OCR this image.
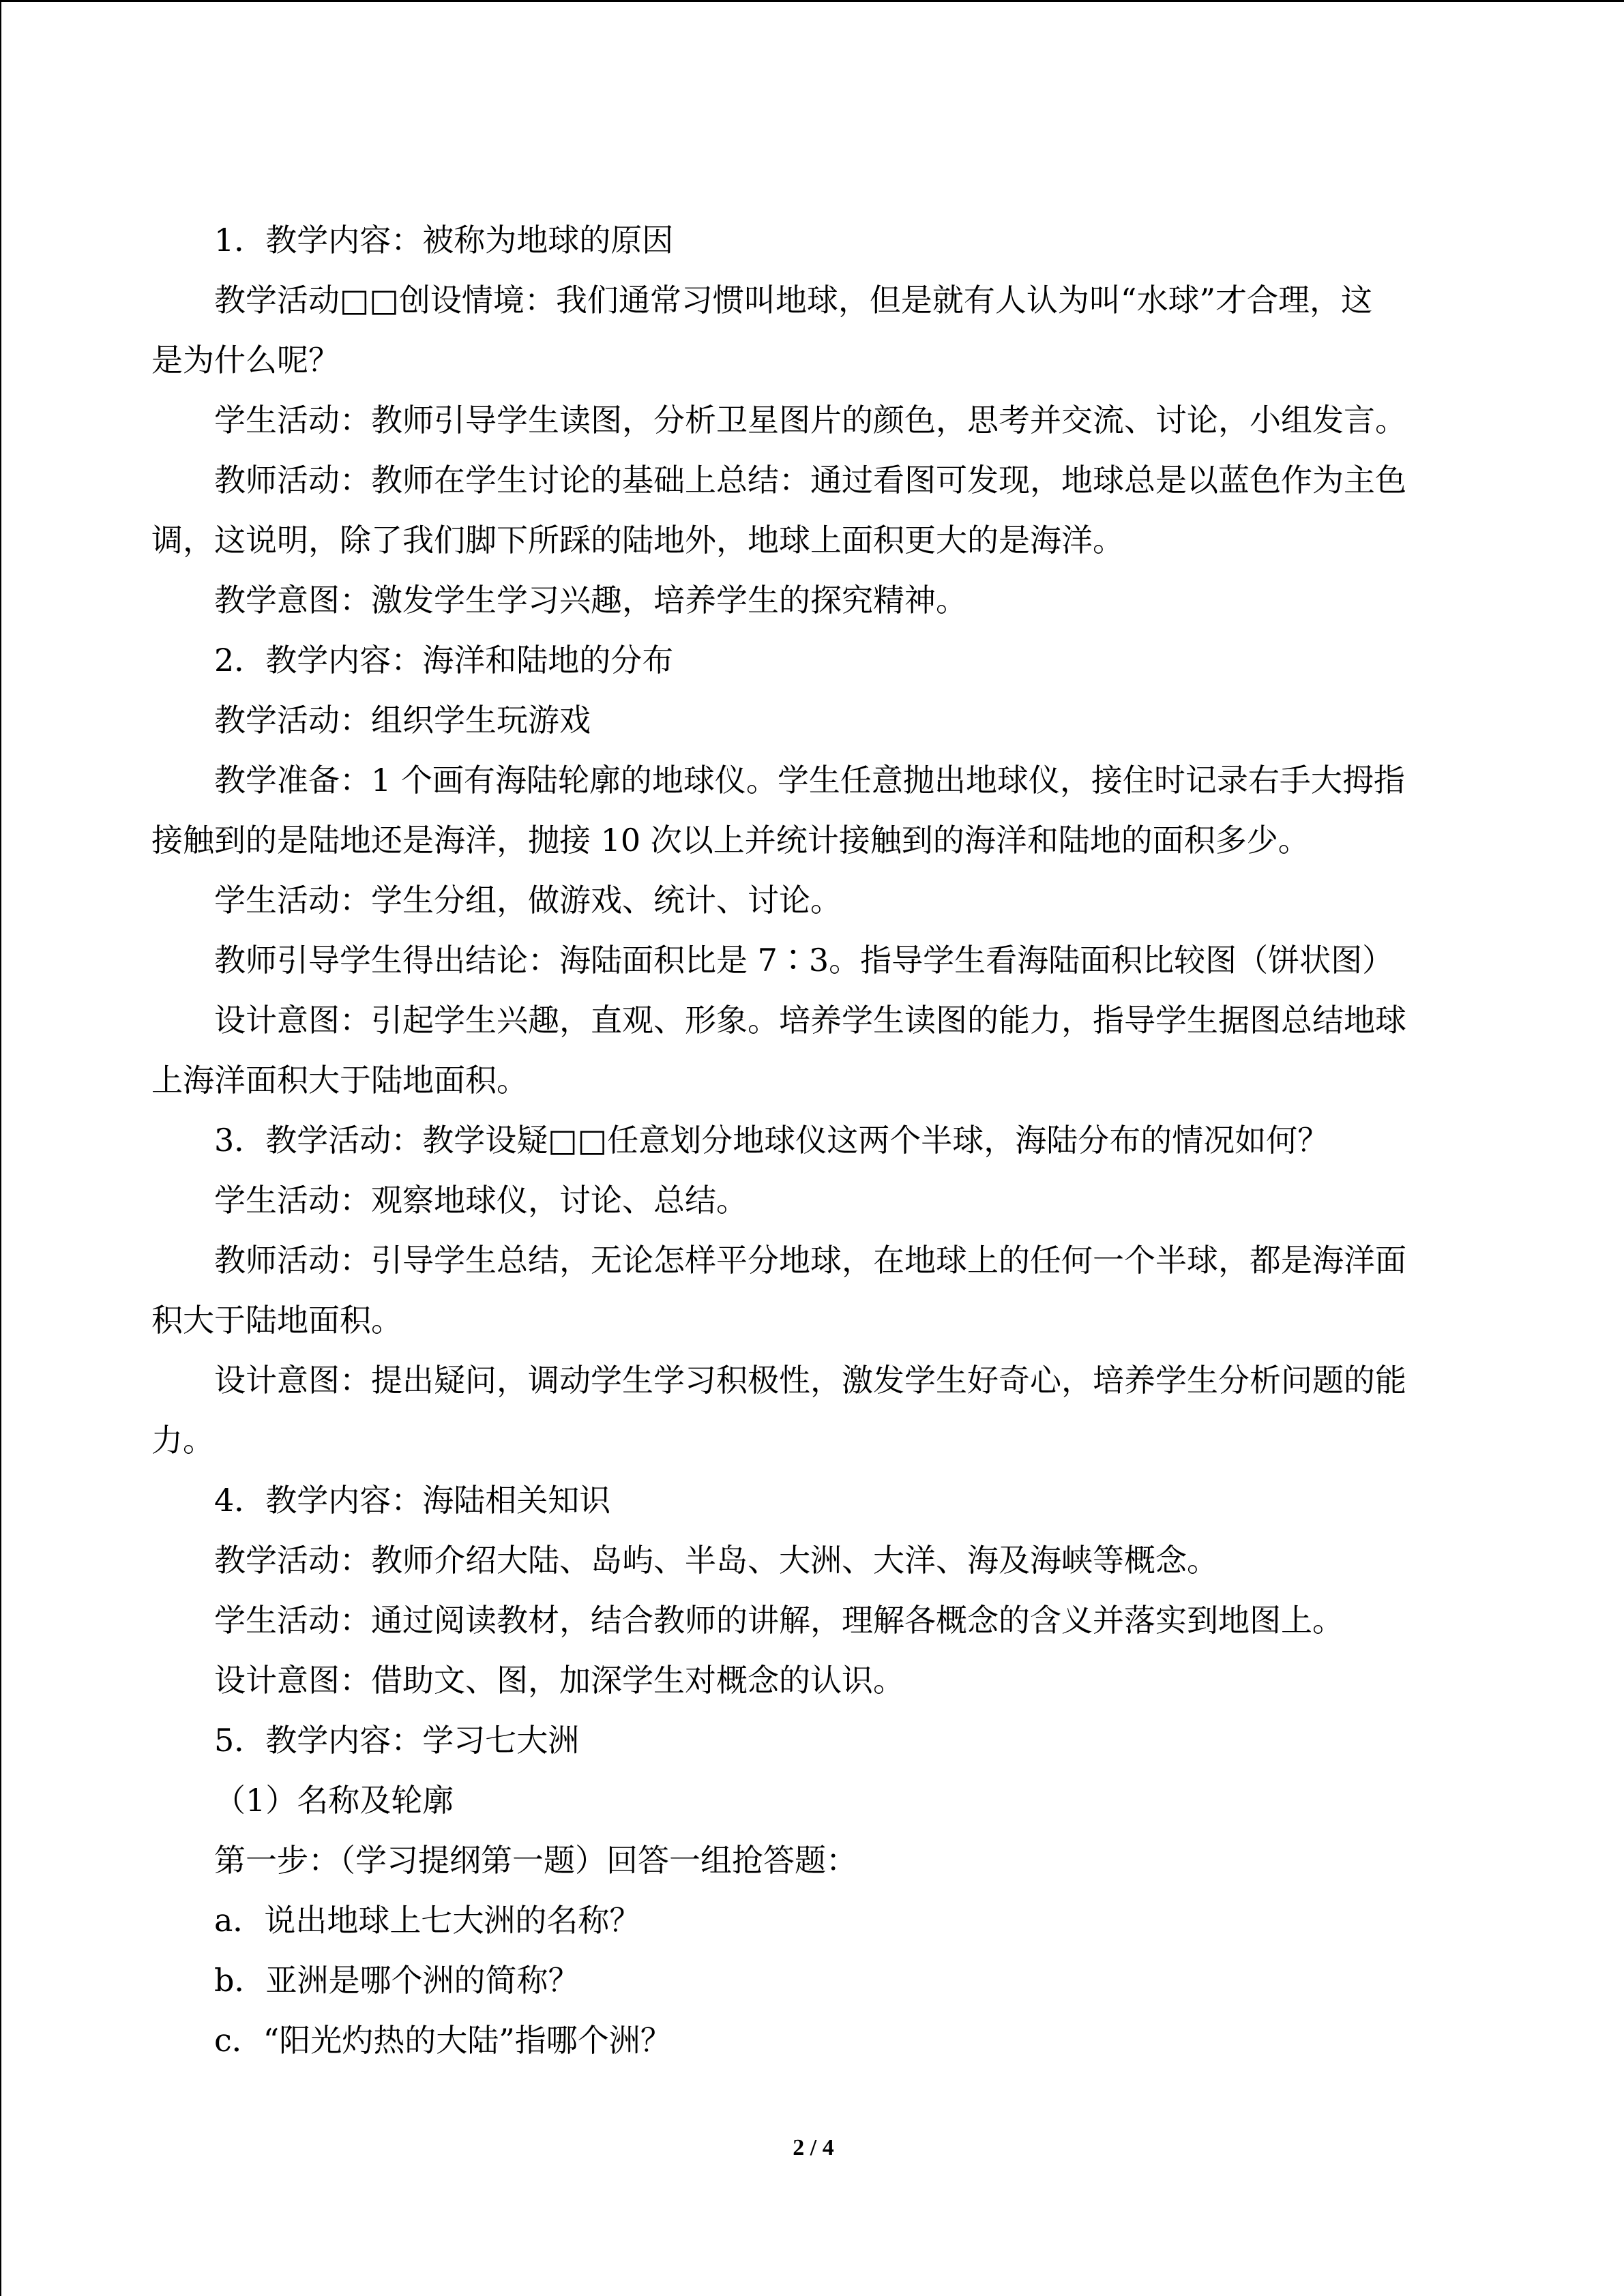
1．教学内容：被称为地球的原因

教学活动□□创设情境：我们通常习惯叫地球，但是就有人认为叫“水球”才合理，这

是为什么呢？

学生活动：教师引导学生读图，分析卫星图片的颜色，思考并交流、讨论，小组发言。

教师活动：教师在学生讨论的基础上总结：通过看图可发现，地球总是以蓝色作为主色

调，这说明，除了我们脚下所踩的陆地外，地球上面积更大的是海洋。

教学意图：激发学生学习兴趣，培养学生的探究精神。

2．教学内容：海洋和陆地的分布

教学活动：组织学生玩游戏

教学准备：1 个画有海陆轮廓的地球仪。学生任意抛出地球仪，接住时记录右手大拇指

接触到的是陆地还是海洋，抛接 10 次以上并统计接触到的海洋和陆地的面积多少。

学生活动：学生分组，做游戏、统计、讨论。

教师引导学生得出结论：海陆面积比是 7∶3。指导学生看海陆面积比较图（饼状图）

设计意图：引起学生兴趣，直观、形象。培养学生读图的能力，指导学生据图总结地球

上海洋面积大于陆地面积。

3．教学活动：教学设疑□□任意划分地球仪这两个半球，海陆分布的情况如何？

学生活动：观察地球仪，讨论、总结。

教师活动：引导学生总结，无论怎样平分地球，在地球上的任何一个半球，都是海洋面

积大于陆地面积。

设计意图：提出疑问，调动学生学习积极性，激发学生好奇心，培养学生分析问题的能

力。

4．教学内容：海陆相关知识

教学活动：教师介绍大陆、岛屿、半岛、大洲、大洋、海及海峡等概念。

学生活动：通过阅读教材，结合教师的讲解，理解各概念的含义并落实到地图上。

设计意图：借助文、图，加深学生对概念的认识。

5．教学内容：学习七大洲

（1）名称及轮廓

第一步：（学习提纲第一题）回答一组抢答题：

a．说出地球上七大洲的名称？

b．亚洲是哪个洲的简称？

c．“阳光灼热的大陆”指哪个洲？

2 / 4
